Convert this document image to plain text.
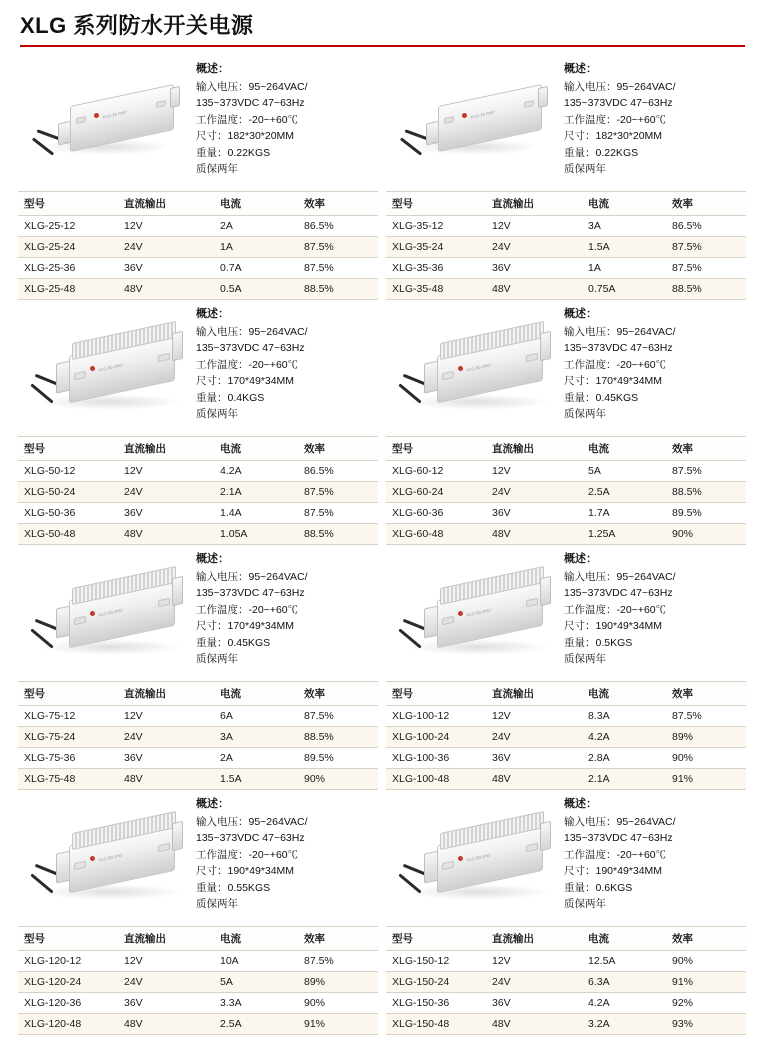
XLG 系列防水开关电源
XLG-25 IP67
概述：
输入电压：95~264VAC/
135~373VDC 47~63Hz
工作温度：-20~+60℃
尺寸：182*30*20MM
重量：0.22KGS
质保两年
型号	直流输出	电流	效率
XLG-25-12	12V	2A	86.5%
XLG-25-24	24V	1A	87.5%
XLG-25-36	36V	0.7A	87.5%
XLG-25-48	48V	0.5A	88.5%
XLG-25 IP67
概述：
输入电压：95~264VAC/
135~373VDC 47~63Hz
工作温度：-20~+60℃
尺寸：182*30*20MM
重量：0.22KGS
质保两年
型号	直流输出	电流	效率
XLG-35-12	12V	3A	86.5%
XLG-35-24	24V	1.5A	87.5%
XLG-35-36	36V	1A	87.5%
XLG-35-48	48V	0.75A	88.5%
XLG-50 IP67
概述：
输入电压：95~264VAC/
135~373VDC 47~63Hz
工作温度：-20~+60℃
尺寸：170*49*34MM
重量：0.4KGS
质保两年
型号	直流输出	电流	效率
XLG-50-12	12V	4.2A	86.5%
XLG-50-24	24V	2.1A	87.5%
XLG-50-36	36V	1.4A	87.5%
XLG-50-48	48V	1.05A	88.5%
XLG-50 IP67
概述：
输入电压：95~264VAC/
135~373VDC 47~63Hz
工作温度：-20~+60℃
尺寸：170*49*34MM
重量：0.45KGS
质保两年
型号	直流输出	电流	效率
XLG-60-12	12V	5A	87.5%
XLG-60-24	24V	2.5A	88.5%
XLG-60-36	36V	1.7A	89.5%
XLG-60-48	48V	1.25A	90%
XLG-50 IP67
概述：
输入电压：95~264VAC/
135~373VDC 47~63Hz
工作温度：-20~+60℃
尺寸：170*49*34MM
重量：0.45KGS
质保两年
型号	直流输出	电流	效率
XLG-75-12	12V	6A	87.5%
XLG-75-24	24V	3A	88.5%
XLG-75-36	36V	2A	89.5%
XLG-75-48	48V	1.5A	90%
XLG-50 IP67
概述：
输入电压：95~264VAC/
135~373VDC 47~63Hz
工作温度：-20~+60℃
尺寸：190*49*34MM
重量：0.5KGS
质保两年
型号	直流输出	电流	效率
XLG-100-12	12V	8.3A	87.5%
XLG-100-24	24V	4.2A	89%
XLG-100-36	36V	2.8A	90%
XLG-100-48	48V	2.1A	91%
XLG-50 IP67
概述：
输入电压：95~264VAC/
135~373VDC 47~63Hz
工作温度：-20~+60℃
尺寸：190*49*34MM
重量：0.55KGS
质保两年
型号	直流输出	电流	效率
XLG-120-12	12V	10A	87.5%
XLG-120-24	24V	5A	89%
XLG-120-36	36V	3.3A	90%
XLG-120-48	48V	2.5A	91%
XLG-50 IP67
概述：
输入电压：95~264VAC/
135~373VDC 47~63Hz
工作温度：-20~+60℃
尺寸：190*49*34MM
重量：0.6KGS
质保两年
型号	直流输出	电流	效率
XLG-150-12	12V	12.5A	90%
XLG-150-24	24V	6.3A	91%
XLG-150-36	36V	4.2A	92%
XLG-150-48	48V	3.2A	93%
